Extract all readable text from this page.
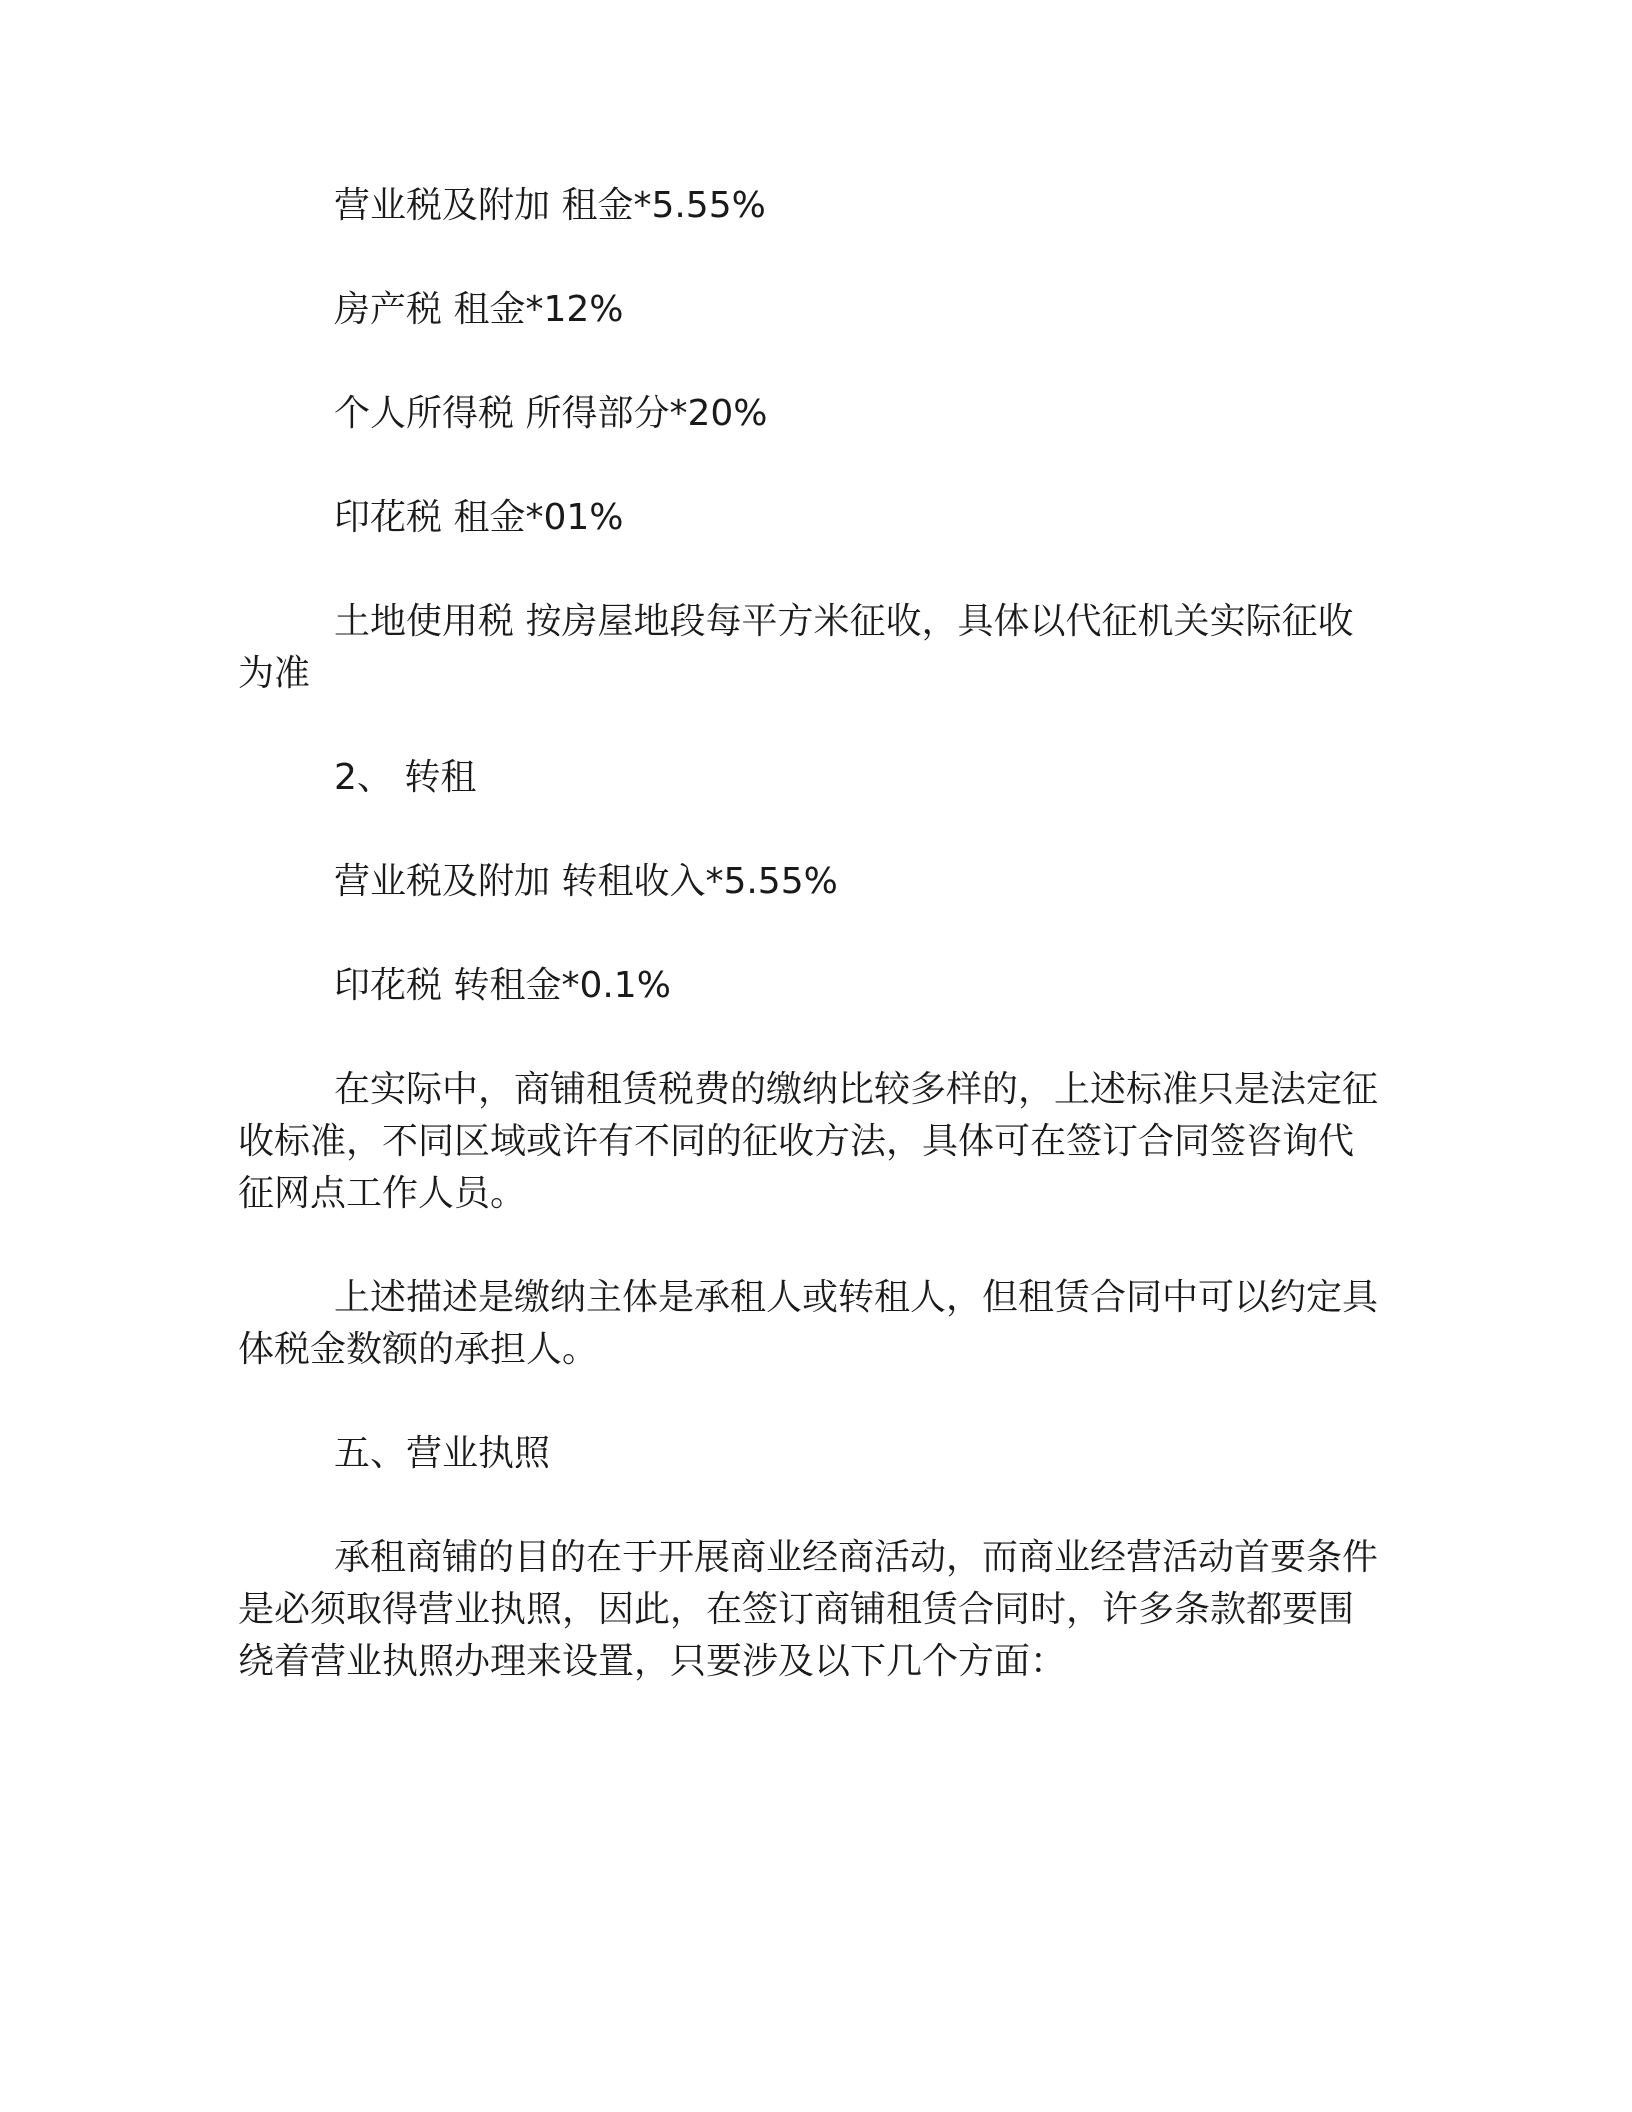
营业税及附加 租金*5.55%

房产税 租金*12%

个人所得税 所得部分*20%

印花税 租金*01%

土地使用税 按房屋地段每平方米征收，具体以代征机关实际征收为准

2、 转租

营业税及附加 转租收入*5.55%

印花税 转租金*0.1%

在实际中，商铺租赁税费的缴纳比较多样的，上述标准只是法定征收标准，不同区域或许有不同的征收方法，具体可在签订合同签咨询代征网点工作人员。

上述描述是缴纳主体是承租人或转租人，但租赁合同中可以约定具体税金数额的承担人。

五、营业执照

承租商铺的目的在于开展商业经商活动，而商业经营活动首要条件是必须取得营业执照，因此，在签订商铺租赁合同时，许多条款都要围绕着营业执照办理来设置，只要涉及以下几个方面：
